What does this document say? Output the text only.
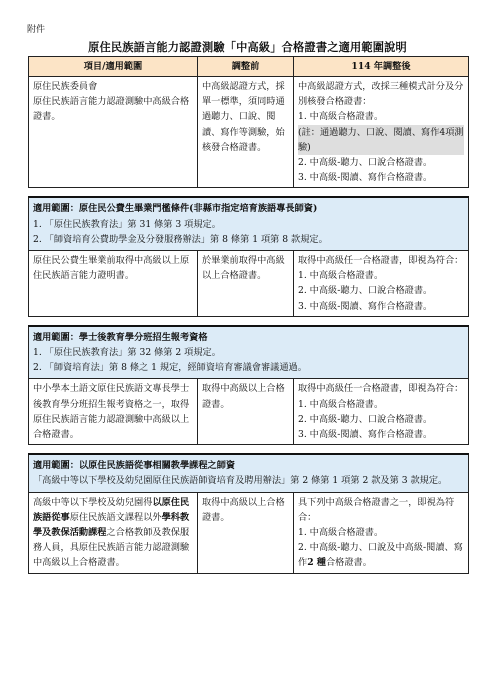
附件
原住民族語言能力認證測驗「中高級」合格證書之適用範圍說明
項目/適用範圍	調整前	114 年調整後

原住民族委員會
原住民族語言能力認證測驗中高級合格證書。	中高級認證方式，採單一標準，須同時通過聽力、口說、閱讀、寫作等測驗，始核發合格證書。	中高級認證方式，改採三種模式計分及分別核發合格證書：
1. 中高級合格證書。
(註：通過聽力、口說、閱讀、寫作4項測驗)
2. 中高級-聽力、口說合格證書。
3. 中高級-閱讀、寫作合格證書。

適用範圍：原住民公費生畢業門檻條件(非縣市指定培育族語專長師資)
1. 「原住民族教育法」第 31 條第 3 項規定。
2. 「師資培育公費助學金及分發服務辦法」第 8 條第 1 項第 8 款規定。		

原住民公費生畢業前取得中高級以上原住民族語言能力證明書。	於畢業前取得中高級以上合格證書。	取得中高級任一合格證書，即視為符合：
1. 中高級合格證書。
2. 中高級-聽力、口說合格證書。
3. 中高級-閱讀、寫作合格證書。

適用範圍：學士後教育學分班招生報考資格
1. 「原住民族教育法」第 32 條第 2 項規定。
2. 「師資培育法」第 8 條之 1 規定，經師資培育審議會審議通過。		

中小學本土語文原住民族語文專長學士後教育學分班招生報考資格之一，取得原住民族語言能力認證測驗中高級以上合格證書。	取得中高級以上合格證書。	取得中高級任一合格證書，即視為符合：
1. 中高級合格證書。
2. 中高級-聽力、口說合格證書。
3. 中高級-閱讀、寫作合格證書。

適用範圍：以原住民族語從事相關教學課程之師資
「高級中等以下學校及幼兒園原住民族語師資培育及聘用辦法」第 2 條第 1 項第 2 款及第 3 款規定。		

高級中等以下學校及幼兒園得以原住民族語從事原住民族語文課程以外學科教學及教保活動課程之合格教師及教保服務人員，具原住民族語言能力認證測驗中高級以上合格證書。	取得中高級以上合格證書。	具下列中高級合格證書之一，即視為符合：
1. 中高級合格證書。
2. 中高級-聽力、口說及中高級-閱讀、寫作2 種合格證書。
